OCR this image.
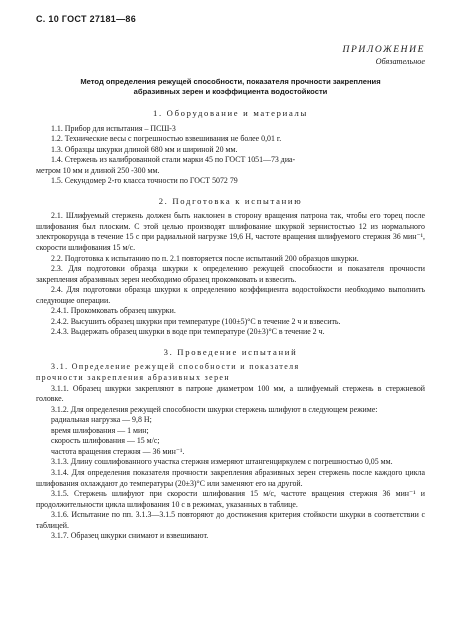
С. 10 ГОСТ 27181—86
ПРИЛОЖЕНИЕ
Обязательное
Метод определения режущей способности, показателя прочности закрепления
абразивных зерен и коэффициента водостойкости
1. Оборудование и материалы

1.1. Прибор для испытания – ПСШ-3

1.2. Технические весы с погрешностью взвешивания не более 0,01 г.

1.3. Образцы шкурки длиной 680 мм и шириной 20 мм.

1.4. Стержень из калиброванной стали марки 45 по ГОСТ 1051—73 диа-

метром 10 мм и длиной 250 -300 мм.

1.5. Секундомер 2-го класса точности по ГОСТ 5072 79

2. Подготовка к испытанию

2.1. Шлифуемый стержень должен быть наклонен в сторону вращения патрона так, чтобы его торец после шлифования был плоским. С этой целью производят шлифование шкуркой зернистостью 12 из нормального электрокорунда в течение 15 с при радиальной нагрузке 19,6 Н, частоте вращения шлифуемого стержня 36 мин⁻¹, скорости шлифования 15 м/с.

2.2. Подготовка к испытанию по п. 2.1 повторяется после испытаний 200 образцов шкурки.

2.3. Для подготовки образца шкурки к определению режущей способности и показателя прочности закрепления абразивных зерен необходимо образец прокомковать и взвесить.

2.4. Для подготовки образца шкурки к определению коэффициента водостойкости необходимо выполнить следующие операции.

2.4.1. Прокомковать образец шкурки.

2.4.2. Высушить образец шкурки при температуре (100±5)°С в течение 2 ч и взвесить.

2.4.3. Выдержать образец шкурки в воде при температуре (20±3)°С в течение 2 ч.

3. Проведение испытаний

3.1. Определение режущей способности и показателя

прочности закрепления абразивных зерен

3.1.1. Образец шкурки закрепляют в патроне диаметром 100 мм, а шлифуемый стержень в стержневой головке.

3.1.2. Для определения режущей способности шкурки стержень шлифуют в следующем режиме:

радиальная нагрузка — 9,8 Н;

время шлифования — 1 мин;

скорость шлифования — 15 м/с;

частота вращения стержня — 36 мин⁻¹.

3.1.3. Длину сошлифованного участка стержня измеряют штангенциркулем с погрешностью 0,05 мм.

3.1.4. Для определения показателя прочности закрепления абразивных зерен стержень после каждого цикла шлифования охлаждают до температуры (20±3)°С или заменяют его на другой.

3.1.5. Стержень шлифуют при скорости шлифования 15 м/с, частоте вращения стержня 36 мин⁻¹ и продолжительности цикла шлифования 10 с в режимах, указанных в таблице.

3.1.6. Испытание по пп. 3.1.3—3.1.5 повторяют до достижения критерия стойкости шкурки в соответствии с таблицей.

3.1.7. Образец шкурки снимают и взвешивают.
